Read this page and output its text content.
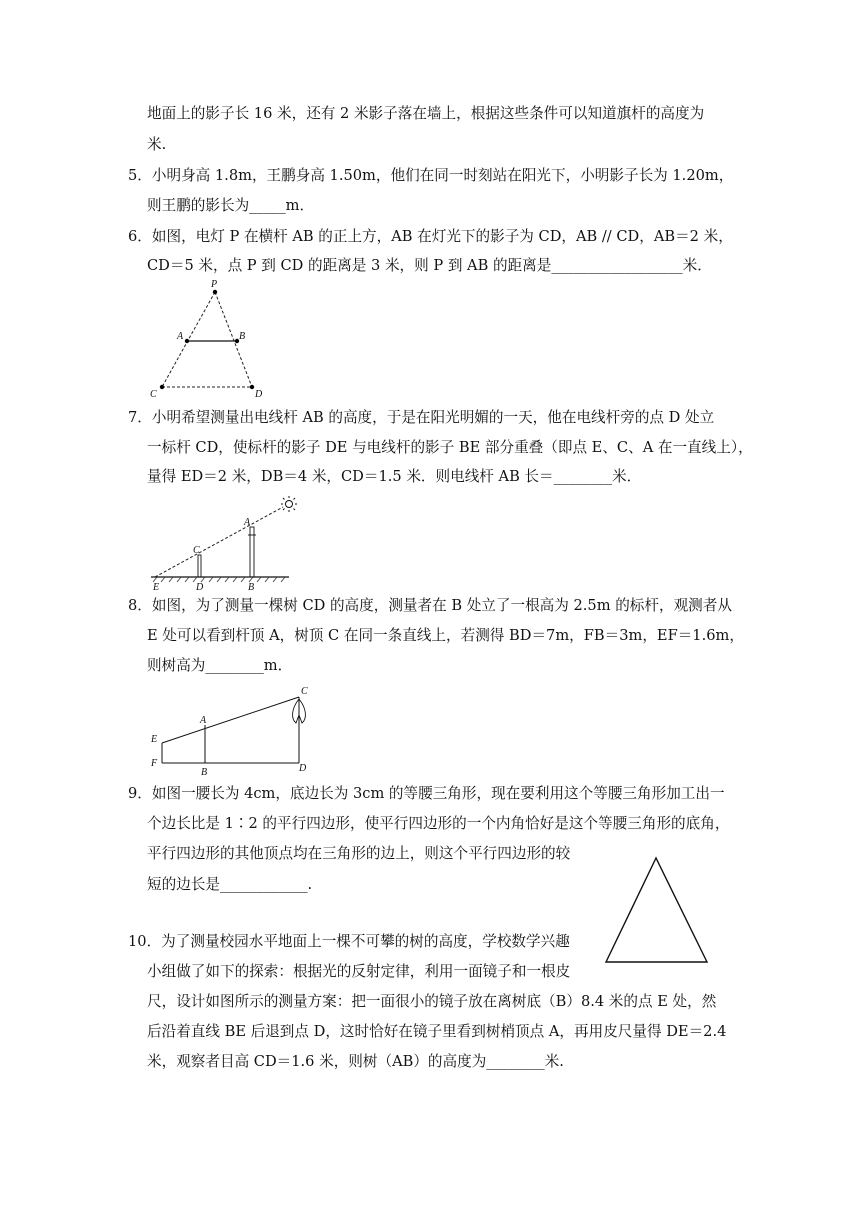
地面上的影子长 16 米，还有 2 米影子落在墙上，根据这些条件可以知道旗杆的高度为
米.
5．小明身高 1.8m，王鹏身高 1.50m，他们在同一时刻站在阳光下，小明影子长为 1.20m，
则王鹏的影长为_____m．
6．如图，电灯 P 在横杆 AB 的正上方，AB 在灯光下的影子为 CD，AB // CD，AB＝2 米，
CD＝5 米，点 P 到 CD 的距离是 3 米，则 P 到 AB 的距离是__________________米．
P
A	B
C	D
7．小明希望测量出电线杆 AB 的高度，于是在阳光明媚的一天，他在电线杆旁的点 D 处立
一标杆 CD，使标杆的影子 DE 与电线杆的影子 BE 部分重叠（即点 E、C、A 在一直线上），
量得 ED＝2 米，DB＝4 米，CD＝1.5 米．则电线杆 AB 长＝________米．
A
C
E	D	B
8．如图，为了测量一棵树 CD 的高度，测量者在 B 处立了一根高为 2.5m 的标杆，观测者从
E 处可以看到杆顶 A，树顶 C 在同一条直线上，若测得 BD＝7m，FB＝3m，EF＝1.6m，
则树高为________m．
C
A
E
F
B	D
9．如图一腰长为 4cm，底边长为 3cm 的等腰三角形，现在要利用这个等腰三角形加工出一
个边长比是 1∶2 的平行四边形，使平行四边形的一个内角恰好是这个等腰三角形的底角，
平行四边形的其他顶点均在三角形的边上，则这个平行四边形的较
短的边长是____________.
10．为了测量校园水平地面上一棵不可攀的树的高度，学校数学兴趣
小组做了如下的探索：根据光的反射定律，利用一面镜子和一根皮
尺，设计如图所示的测量方案：把一面很小的镜子放在离树底（B）8.4 米的点 E 处，然
后沿着直线 BE 后退到点 D，这时恰好在镜子里看到树梢顶点 A，再用皮尺量得 DE＝2.4
米，观察者目高 CD＝1.6 米，则树（AB）的高度为________米.
